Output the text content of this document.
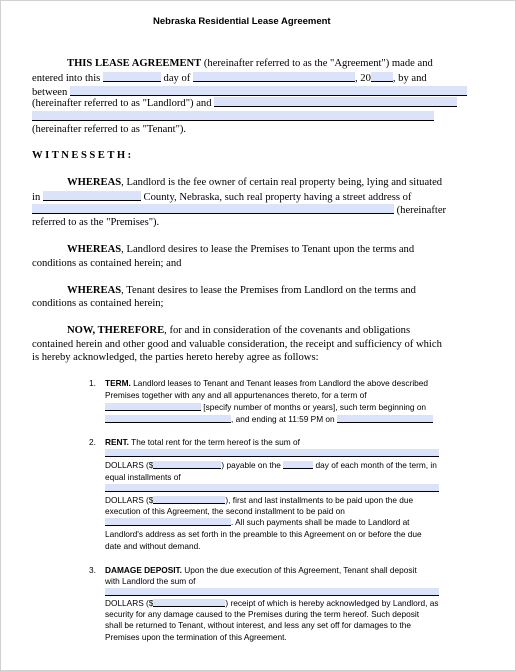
Nebraska Residential Lease Agreement
THIS LEASE AGREEMENT (hereinafter referred to as the "Agreement") made and
entered into this	day of	, 20 , by and
between
(hereinafter referred to as "Landlord") and
(hereinafter referred to as "Tenant").
WITNESSETH:
WHEREAS, Landlord is the fee owner of certain real property being, lying and situated
in	County, Nebraska, such real property having a street address of
(hereinafter
referred to as the "Premises").
WHEREAS, Landlord desires to lease the Premises to Tenant upon the terms and
conditions as contained herein; and
WHEREAS, Tenant desires to lease the Premises from Landlord on the terms and
conditions as contained herein;
NOW, THEREFORE, for and in consideration of the covenants and obligations
contained herein and other good and valuable consideration, the receipt and sufficiency of which
is hereby acknowledged, the parties hereto hereby agree as follows:
1. TERM. Landlord leases to Tenant and Tenant leases from Landlord the above described
Premises together with any and all appurtenances thereto, for a term of
[specify number of months or years], such term beginning on
, and ending at 11:59 PM on
2. RENT. The total rent for the term hereof is the sum of
DOLLARS ($	) payable on the	day of each month of the term, in
equal installments of
DOLLARS ($	), first and last installments to be paid upon the due
execution of this Agreement, the second installment to be paid on
. All such payments shall be made to Landlord at
Landlord's address as set forth in the preamble to this Agreement on or before the due
date and without demand.
3. DAMAGE DEPOSIT. Upon the due execution of this Agreement, Tenant shall deposit
with Landlord the sum of
DOLLARS ($	) receipt of which is hereby acknowledged by Landlord, as
security for any damage caused to the Premises during the term hereof. Such deposit
shall be returned to Tenant, without interest, and less any set off for damages to the
Premises upon the termination of this Agreement.
